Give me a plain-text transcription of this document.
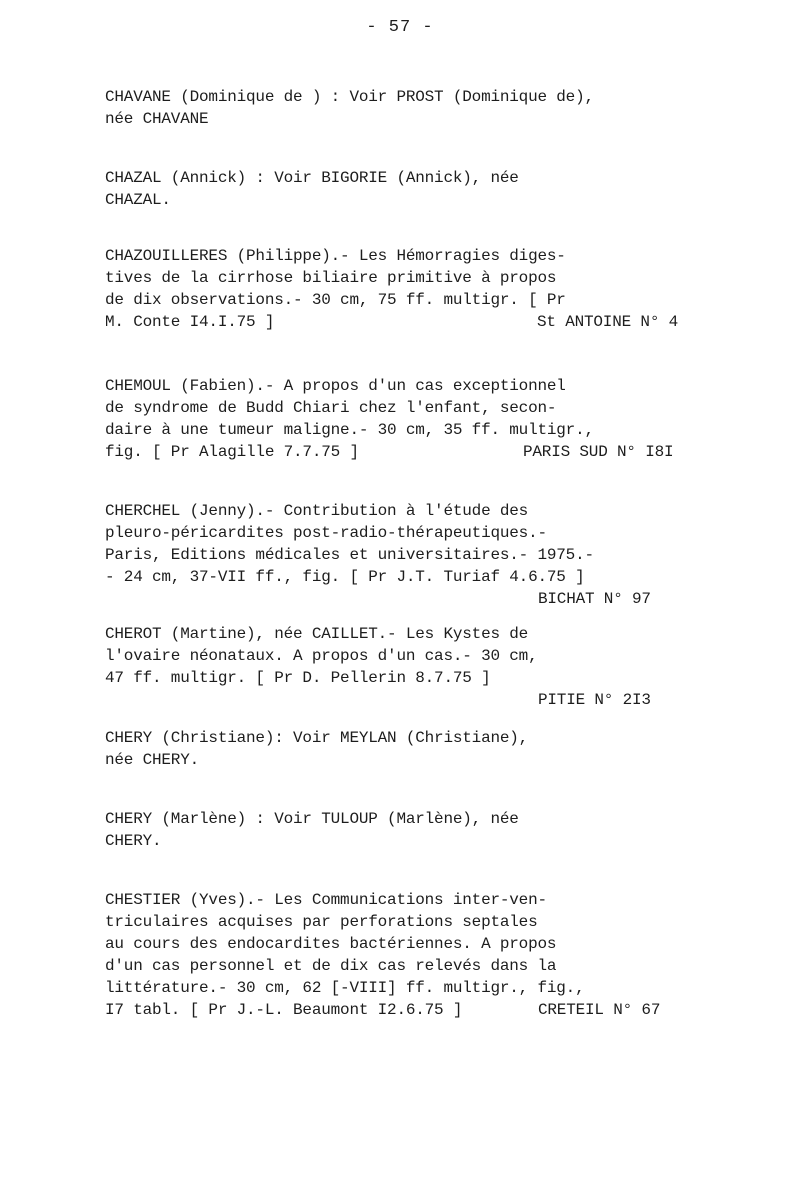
- 57 -
CHAVANE (Dominique de ) : Voir PROST (Dominique de),
née CHAVANE
CHAZAL (Annick) : Voir BIGORIE (Annick), née
CHAZAL.
CHAZOUILLERES (Philippe).- Les Hémorragies diges-
tives de la cirrhose biliaire primitive à propos
de dix observations.- 30 cm, 75 ff. multigr. [ Pr
M. Conte I4.I.75 ]	St ANTOINE N° 4
CHEMOUL (Fabien).- A propos d'un cas exceptionnel
de syndrome de Budd Chiari chez l'enfant, secon-
daire à une tumeur maligne.- 30 cm, 35 ff. multigr.,
fig. [ Pr Alagille 7.7.75 ]	PARIS SUD N° I8I
CHERCHEL (Jenny).- Contribution à l'étude des
pleuro-péricardites post-radio-thérapeutiques.-
Paris, Editions médicales et universitaires.- 1975.-
- 24 cm, 37-VII ff., fig. [ Pr J.T. Turiaf 4.6.75 ]
BICHAT N° 97
CHEROT (Martine), née CAILLET.- Les Kystes de
l'ovaire néonataux. A propos d'un cas.- 30 cm,
47 ff. multigr. [ Pr D. Pellerin 8.7.75 ]
PITIE N° 2I3
CHERY (Christiane): Voir MEYLAN (Christiane),
née CHERY.
CHERY (Marlène) : Voir TULOUP (Marlène), née
CHERY.
CHESTIER (Yves).- Les Communications inter-ven-
triculaires acquises par perforations septales
au cours des endocardites bactériennes. A propos
d'un cas personnel et de dix cas relevés dans la
littérature.- 30 cm, 62 [-VIII] ff. multigr., fig.,
I7 tabl. [ Pr J.-L. Beaumont I2.6.75 ]	CRETEIL N° 67
